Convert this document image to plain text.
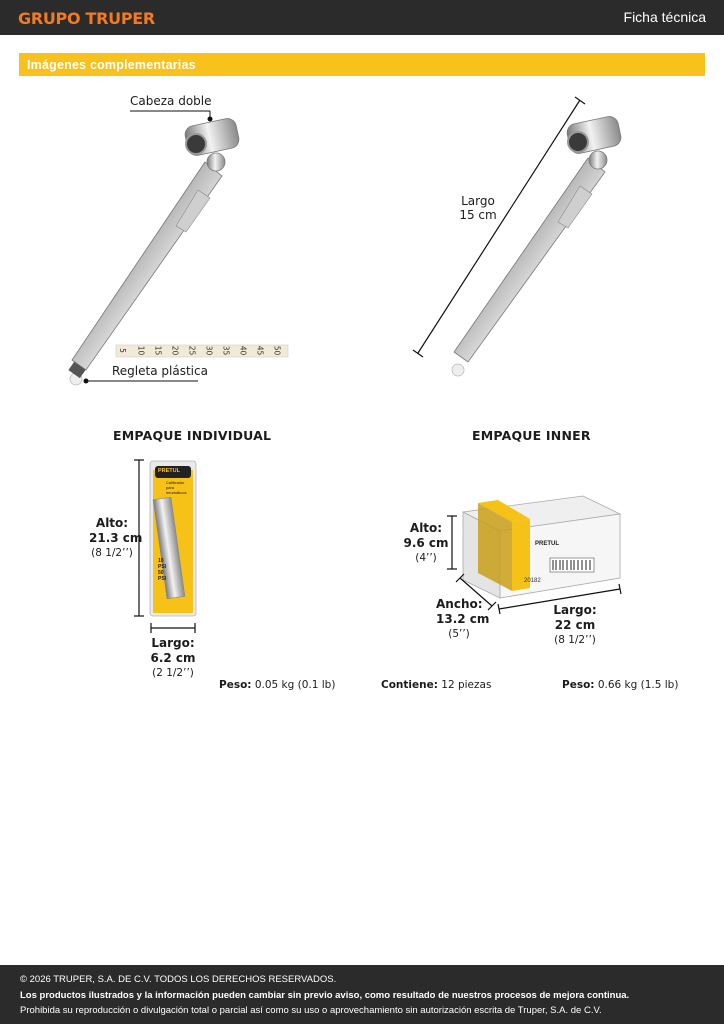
GRUPO TRUPER	Ficha técnica
Imágenes complementarias
5 10 15 20 25 30 35 40 45 50
Cabeza doble
Regleta plástica
Largo
15 cm
EMPAQUE INDIVIDUAL
PRETUL
Calibrador para neumáticos
10
PSI
50
PSI
Alto:
21.3 cm
(8 1/2’’)
Largo:
6.2 cm
(2 1/2’’)
Peso: 0.05 kg (0.1 lb)
EMPAQUE INNER
PRETUL
20182
Alto:
9.6 cm
(4’’)
Ancho:
13.2 cm
(5’’)
Largo:
22 cm
(8 1/2’’)
Contiene: 12 piezas	Peso: 0.66 kg (1.5 lb)
© 2026 TRUPER, S.A. DE C.V. TODOS LOS DERECHOS RESERVADOS.
Los productos ilustrados y la información pueden cambiar sin previo aviso, como resultado de nuestros procesos de mejora continua.
Prohibida su reproducción o divulgación total o parcial así como su uso o aprovechamiento sin autorización escrita de Truper, S.A. de C.V.
